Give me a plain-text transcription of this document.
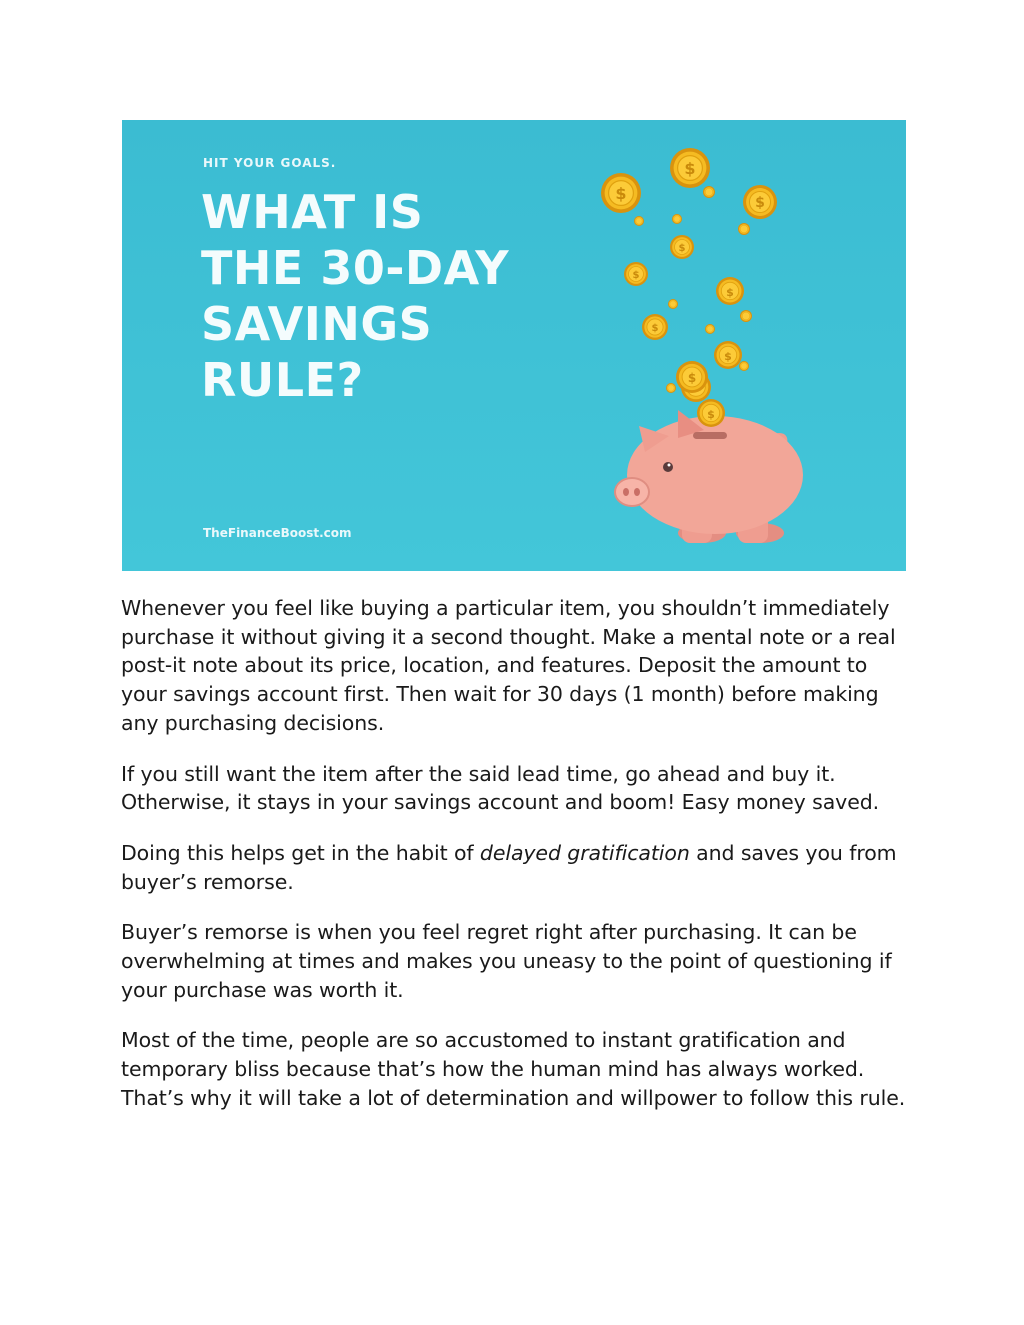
HIT YOUR GOALS.

WHAT IS
THE 30-DAY
SAVINGS
RULE?

TheFinanceBoost.com

$
$	$
$
$
$
$
$
$
$

Whenever you feel like buying a particular item, you shouldn’t immediately purchase it without giving it a second thought. Make a mental note or a real post-it note about its price, location, and features. Deposit the amount to your savings account first. Then wait for 30 days (1 month) before making any purchasing decisions.

If you still want the item after the said lead time, go ahead and buy it. Otherwise, it stays in your savings account and boom! Easy money saved.

Doing this helps get in the habit of delayed gratification and saves you from buyer’s remorse.

Buyer’s remorse is when you feel regret right after purchasing. It can be overwhelming at times and makes you uneasy to the point of questioning if your purchase was worth it.

Most of the time, people are so accustomed to instant gratification and temporary bliss because that’s how the human mind has always worked. That’s why it will take a lot of determination and willpower to follow this rule.
